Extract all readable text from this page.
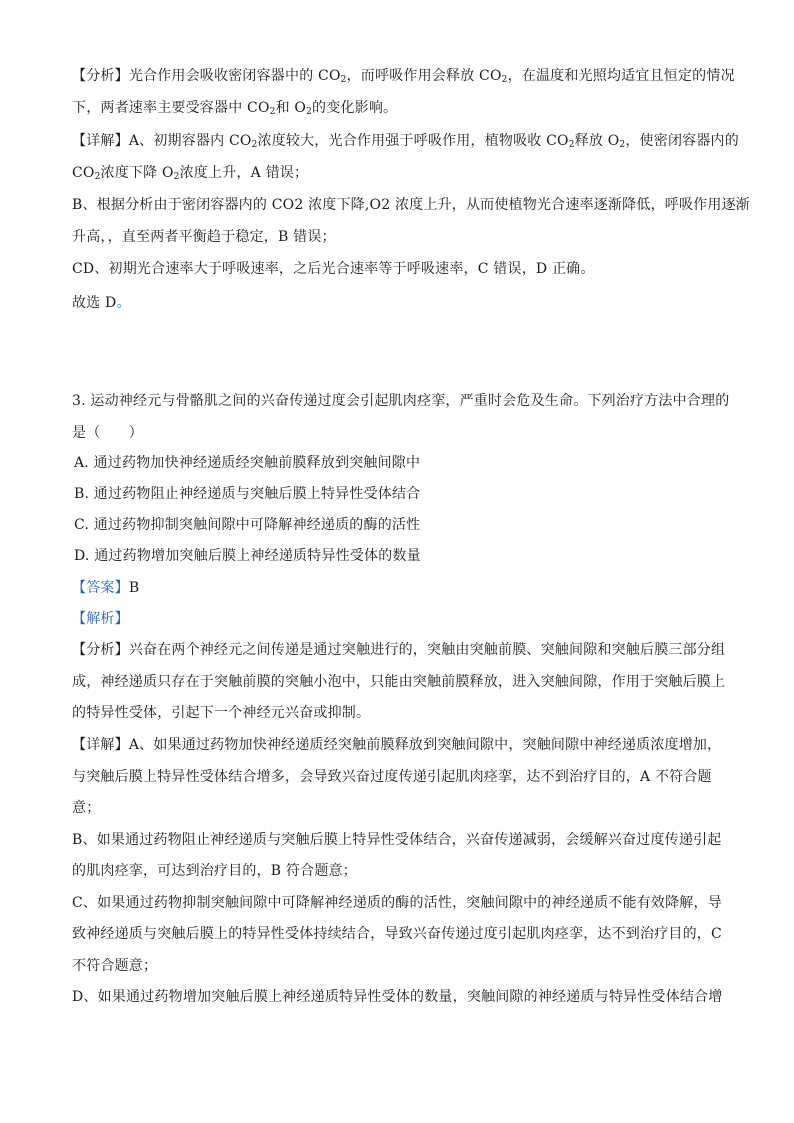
【分析】光合作用会吸收密闭容器中的 $CO_2$，而呼吸作用会释放 $CO_2$，在温度和光照均适宜且恒定的情况
下，两者速率主要受容器中 $CO_2$和 $O_2$的变化影响。
【详解】A、初期容器内 $CO_2$浓度较大，光合作用强于呼吸作用，植物吸收 $CO_2$释放 $O_2$，使密闭容器内的
$CO_2$浓度下降 $O_2$浓度上升，A 错误；
B、根据分析由于密闭容器内的 CO2 浓度下降,O2 浓度上升，从而使植物光合速率逐渐降低，呼吸作用逐渐
升高，，直至两者平衡趋于稳定，B 错误；
CD、初期光合速率大于呼吸速率，之后光合速率等于呼吸速率，C 错误，D 正确。
故选 D。
3. 运动神经元与骨骼肌之间的兴奋传递过度会引起肌肉痉挛，严重时会危及生命。下列治疗方法中合理的
是（　　）
A. 通过药物加快神经递质经突触前膜释放到突触间隙中
B. 通过药物阻止神经递质与突触后膜上特异性受体结合
C. 通过药物抑制突触间隙中可降解神经递质的酶的活性
D. 通过药物增加突触后膜上神经递质特异性受体的数量
【答案】B
【解析】
【分析】兴奋在两个神经元之间传递是通过突触进行的，突触由突触前膜、突触间隙和突触后膜三部分组
成，神经递质只存在于突触前膜的突触小泡中，只能由突触前膜释放，进入突触间隙，作用于突触后膜上
的特异性受体，引起下一个神经元兴奋或抑制。
【详解】A、如果通过药物加快神经递质经突触前膜释放到突触间隙中，突触间隙中神经递质浓度增加，
与突触后膜上特异性受体结合增多，会导致兴奋过度传递引起肌肉痉挛，达不到治疗目的，A 不符合题
意；
B、如果通过药物阻止神经递质与突触后膜上特异性受体结合，兴奋传递减弱，会缓解兴奋过度传递引起
的肌肉痉挛，可达到治疗目的，B 符合题意；
C、如果通过药物抑制突触间隙中可降解神经递质的酶的活性，突触间隙中的神经递质不能有效降解，导
致神经递质与突触后膜上的特异性受体持续结合，导致兴奋传递过度引起肌肉痉挛，达不到治疗目的，C
不符合题意；
D、如果通过药物增加突触后膜上神经递质特异性受体的数量，突触间隙的神经递质与特异性受体结合增
